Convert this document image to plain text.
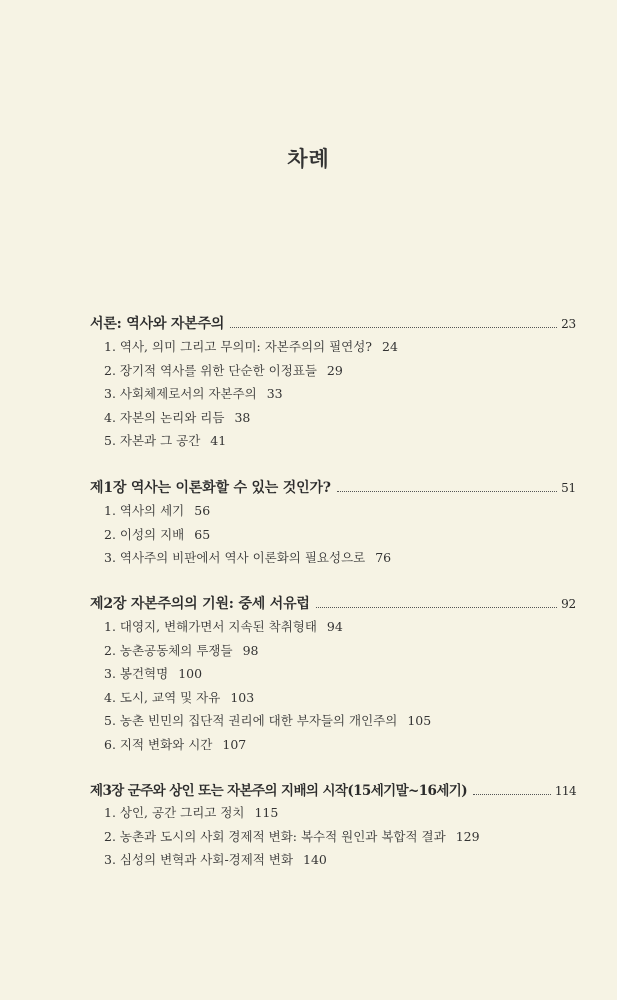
차례
서론: 역사와 자본주의	23
1. 역사, 의미 그리고 무의미: 자본주의의 필연성? 24
2. 장기적 역사를 위한 단순한 이정표들 29
3. 사회체제로서의 자본주의 33
4. 자본의 논리와 리듬 38
5. 자본과 그 공간 41
제1장 역사는 이론화할 수 있는 것인가?	51
1. 역사의 세기 56
2. 이성의 지배 65
3. 역사주의 비판에서 역사 이론화의 필요성으로 76
제2장 자본주의의 기원: 중세 서유럽	92
1. 대영지, 변해가면서 지속된 착취형태 94
2. 농촌공동체의 투쟁들 98
3. 봉건혁명 100
4. 도시, 교역 및 자유 103
5. 농촌 빈민의 집단적 권리에 대한 부자들의 개인주의 105
6. 지적 변화와 시간 107
제3장 군주와 상인 또는 자본주의 지배의 시작(15세기말~16세기)	114
1. 상인, 공간 그리고 정치 115
2. 농촌과 도시의 사회 경제적 변화: 복수적 원인과 복합적 결과 129
3. 심성의 변혁과 사회-경제적 변화 140
